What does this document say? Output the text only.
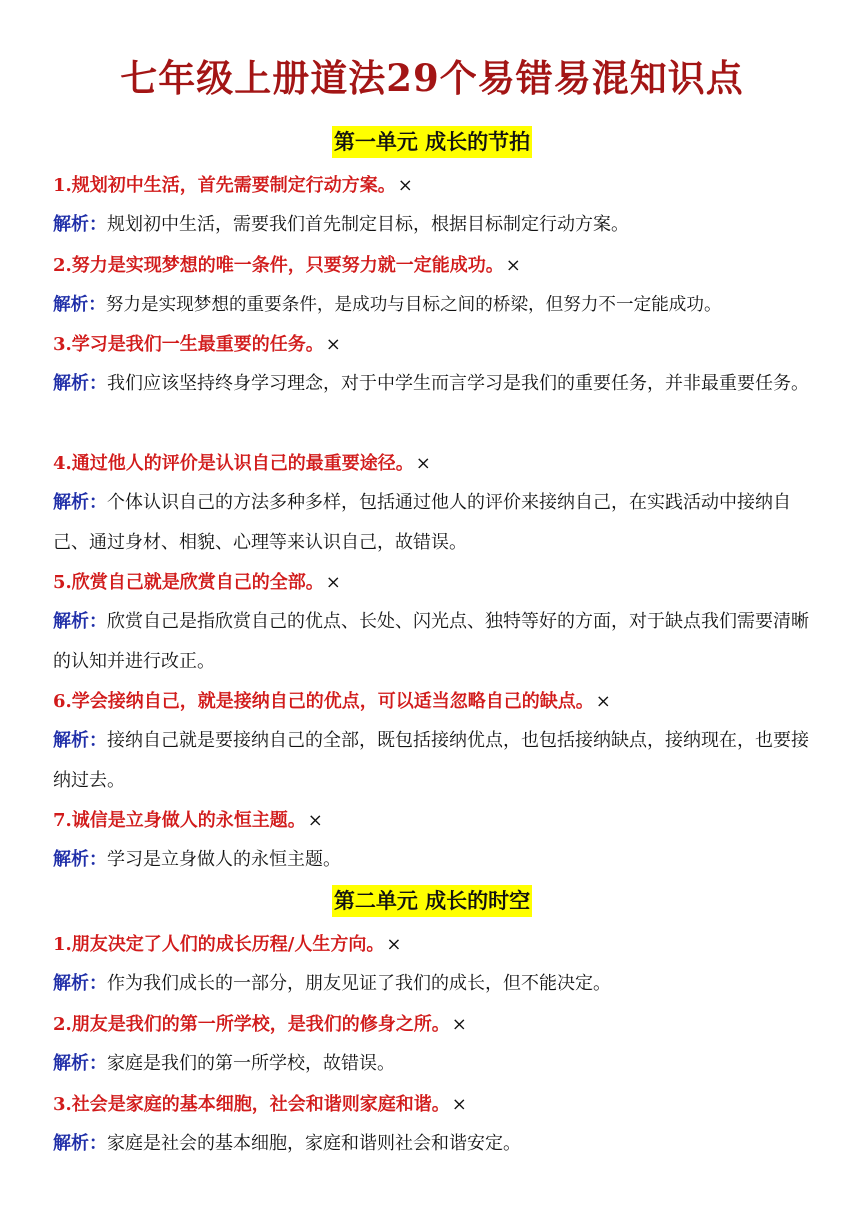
七年级上册道法29个易错易混知识点
第一单元 成长的节拍
1.规划初中生活，首先需要制定行动方案。 ×
解析：规划初中生活，需要我们首先制定目标，根据目标制定行动方案。
2.努力是实现梦想的唯一条件，只要努力就一定能成功。 ×
解析：努力是实现梦想的重要条件，是成功与目标之间的桥梁，但努力不一定能成功。
3.学习是我们一生最重要的任务。 ×
解析：我们应该坚持终身学习理念，对于中学生而言学习是我们的重要任务，并非最重要任务。
4.通过他人的评价是认识自己的最重要途径。 ×
解析：个体认识自己的方法多种多样，包括通过他人的评价来接纳自己，在实践活动中接纳自己、通过身材、相貌、心理等来认识自己，故错误。
5.欣赏自己就是欣赏自己的全部。 ×
解析：欣赏自己是指欣赏自己的优点、长处、闪光点、独特等好的方面，对于缺点我们需要清晰的认知并进行改正。
6.学会接纳自己，就是接纳自己的优点，可以适当忽略自己的缺点。 ×
解析：接纳自己就是要接纳自己的全部，既包括接纳优点，也包括接纳缺点，接纳现在，也要接纳过去。
7.诚信是立身做人的永恒主题。 ×
解析：学习是立身做人的永恒主题。
第二单元 成长的时空
1.朋友决定了人们的成长历程/人生方向。 ×
解析：作为我们成长的一部分，朋友见证了我们的成长，但不能决定。
2.朋友是我们的第一所学校，是我们的修身之所。 ×
解析：家庭是我们的第一所学校，故错误。
3.社会是家庭的基本细胞，社会和谐则家庭和谐。 ×
解析：家庭是社会的基本细胞，家庭和谐则社会和谐安定。
